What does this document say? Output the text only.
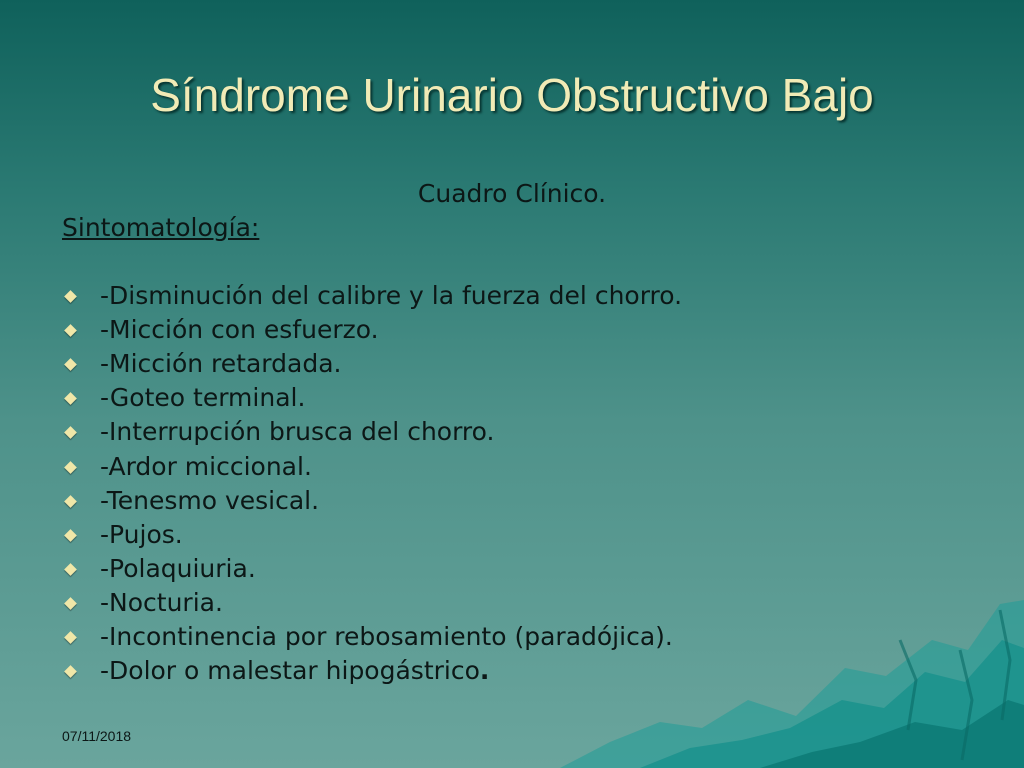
Síndrome Urinario Obstructivo Bajo
Cuadro Clínico.
Sintomatología:
-Disminución del calibre y la fuerza del chorro.
-Micción con esfuerzo.
-Micción retardada.
-Goteo terminal.
-Interrupción brusca del chorro.
-Ardor miccional.
-Tenesmo vesical.
-Pujos.
-Polaquiuria.
-Nocturia.
-Incontinencia por rebosamiento (paradójica).
-Dolor o malestar hipogástrico.
07/11/2018
